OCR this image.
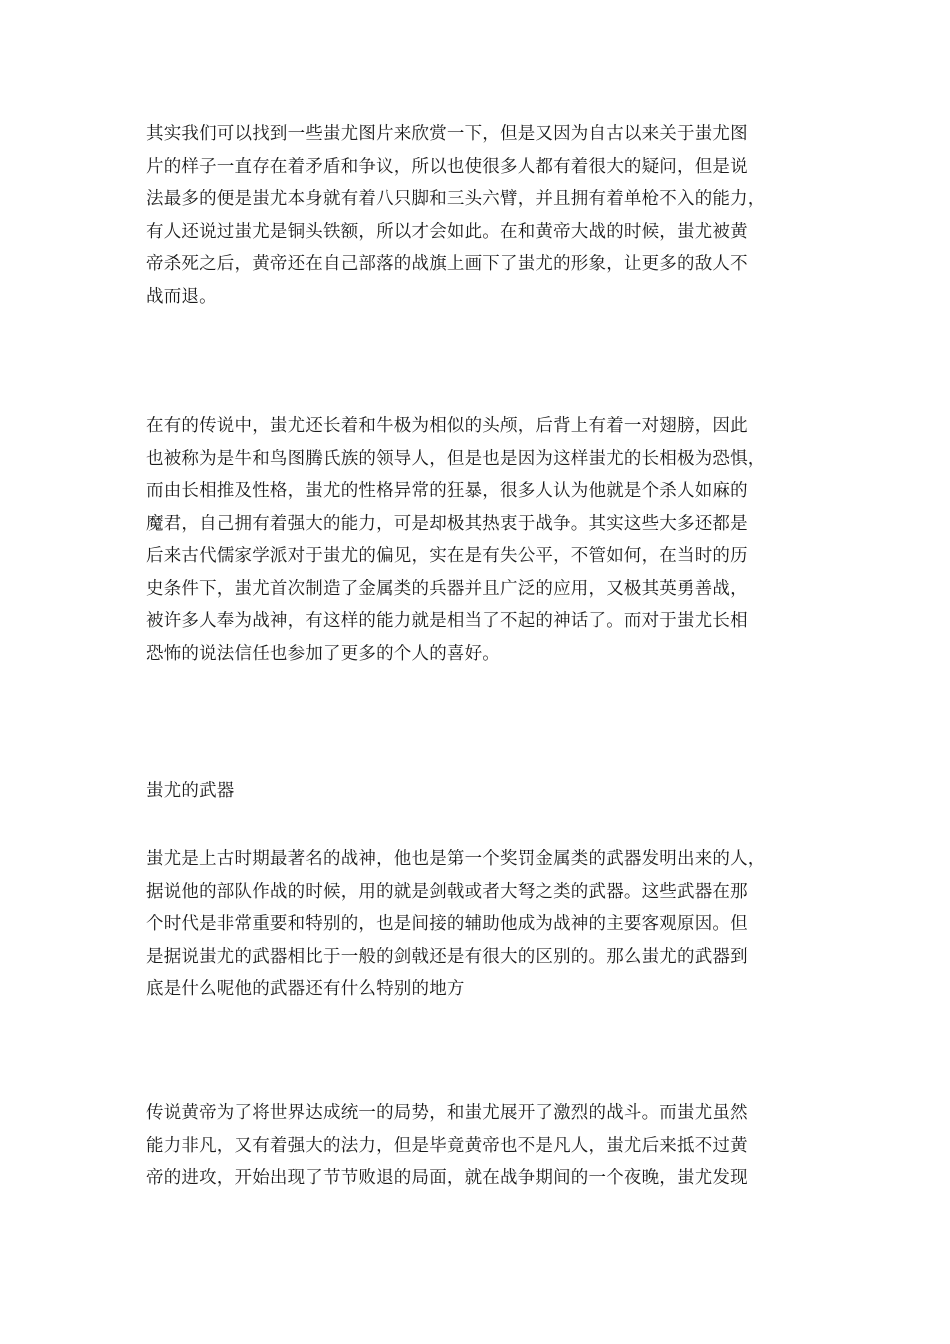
其实我们可以找到一些蚩尤图片来欣赏一下，但是又因为自古以来关于蚩尤图
片的样子一直存在着矛盾和争议，所以也使很多人都有着很大的疑问，但是说
法最多的便是蚩尤本身就有着八只脚和三头六臂，并且拥有着单枪不入的能力，
有人还说过蚩尤是铜头铁额，所以才会如此。在和黄帝大战的时候，蚩尤被黄
帝杀死之后，黄帝还在自己部落的战旗上画下了蚩尤的形象，让更多的敌人不
战而退。
在有的传说中，蚩尤还长着和牛极为相似的头颅，后背上有着一对翅膀，因此
也被称为是牛和鸟图腾氏族的领导人，但是也是因为这样蚩尤的长相极为恐惧，
而由长相推及性格，蚩尤的性格异常的狂暴，很多人认为他就是个杀人如麻的
魔君，自己拥有着强大的能力，可是却极其热衷于战争。其实这些大多还都是
后来古代儒家学派对于蚩尤的偏见，实在是有失公平，不管如何，在当时的历
史条件下，蚩尤首次制造了金属类的兵器并且广泛的应用，又极其英勇善战，
被许多人奉为战神，有这样的能力就是相当了不起的神话了。而对于蚩尤长相
恐怖的说法信任也参加了更多的个人的喜好。
蚩尤的武器
蚩尤是上古时期最著名的战神，他也是第一个奖罚金属类的武器发明出来的人，
据说他的部队作战的时候，用的就是剑戟或者大弩之类的武器。这些武器在那
个时代是非常重要和特别的，也是间接的辅助他成为战神的主要客观原因。但
是据说蚩尤的武器相比于一般的剑戟还是有很大的区别的。那么蚩尤的武器到
底是什么呢他的武器还有什么特别的地方
传说黄帝为了将世界达成统一的局势，和蚩尤展开了激烈的战斗。而蚩尤虽然
能力非凡，又有着强大的法力，但是毕竟黄帝也不是凡人，蚩尤后来抵不过黄
帝的进攻，开始出现了节节败退的局面，就在战争期间的一个夜晚，蚩尤发现
